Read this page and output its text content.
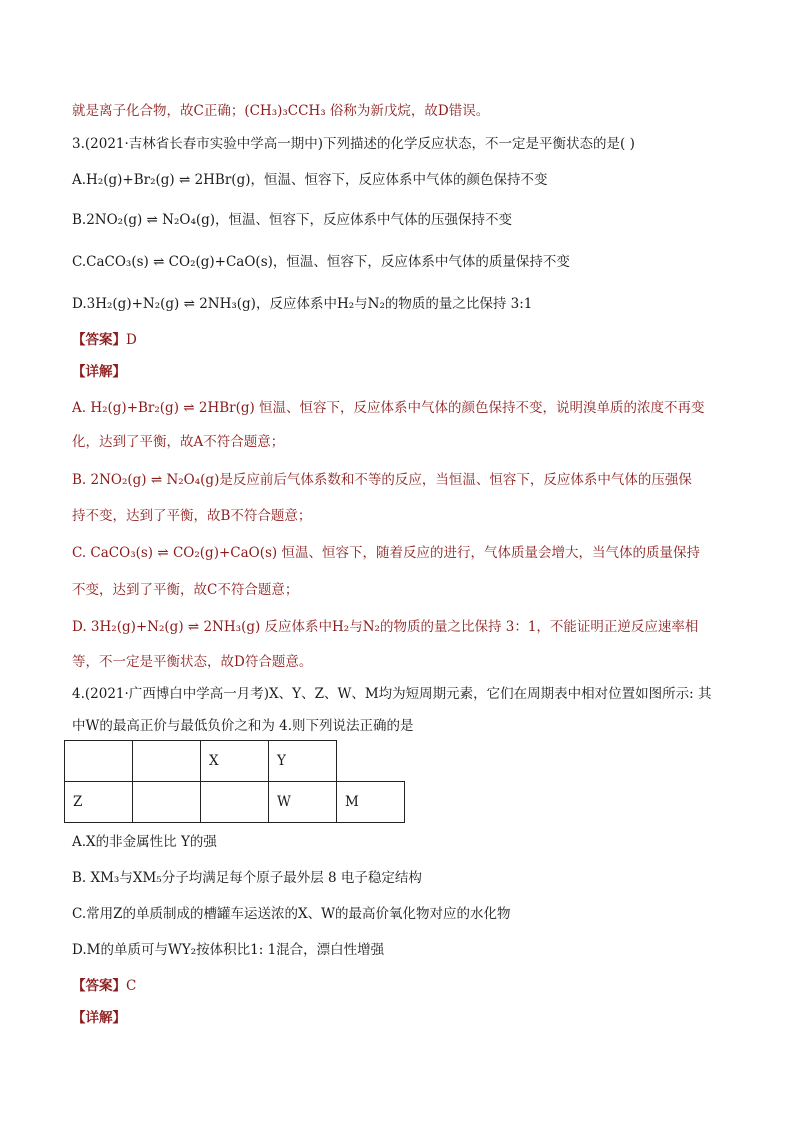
就是离子化合物，故C正确；(CH₃)₃CCH₃ 俗称为新戊烷，故D错误。
3.(2021·吉林省长春市实验中学高一期中)下列描述的化学反应状态，不一定是平衡状态的是( )
A.H₂(g)+Br₂(g) ⇌ 2HBr(g)，恒温、恒容下，反应体系中气体的颜色保持不变
B.2NO₂(g) ⇌ N₂O₄(g)，恒温、恒容下，反应体系中气体的压强保持不变
C.CaCO₃(s) ⇌ CO₂(g)+CaO(s)，恒温、恒容下，反应体系中气体的质量保持不变
D.3H₂(g)+N₂(g) ⇌ 2NH₃(g)，反应体系中H₂与N₂的物质的量之比保持 3:1
【答案】D
【详解】
A. H₂(g)+Br₂(g) ⇌ 2HBr(g) 恒温、恒容下，反应体系中气体的颜色保持不变，说明溴单质的浓度不再变
化，达到了平衡，故A不符合题意；
B. 2NO₂(g) ⇌ N₂O₄(g)是反应前后气体系数和不等的反应，当恒温、恒容下，反应体系中气体的压强保
持不变，达到了平衡，故B不符合题意；
C. CaCO₃(s) ⇌ CO₂(g)+CaO(s) 恒温、恒容下，随着反应的进行，气体质量会增大，当气体的质量保持
不变，达到了平衡，故C不符合题意；
D. 3H₂(g)+N₂(g) ⇌ 2NH₃(g) 反应体系中H₂与N₂的物质的量之比保持 3：1，不能证明正逆反应速率相
等，不一定是平衡状态，故D符合题意。
4.(2021·广西博白中学高一月考)X、Y、Z、W、M均为短周期元素，它们在周期表中相对位置如图所示: 其
中W的最高正价与最低负价之和为 4.则下列说法正确的是
		X	Y	
Z			W	M
A.X的非金属性比 Y的强
B. XM₃与XM₅分子均满足每个原子最外层 8 电子稳定结构
C.常用Z的单质制成的槽罐车运送浓的X、W的最高价氧化物对应的水化物
D.M的单质可与WY₂按体积比1: 1混合，漂白性增强
【答案】C
【详解】
